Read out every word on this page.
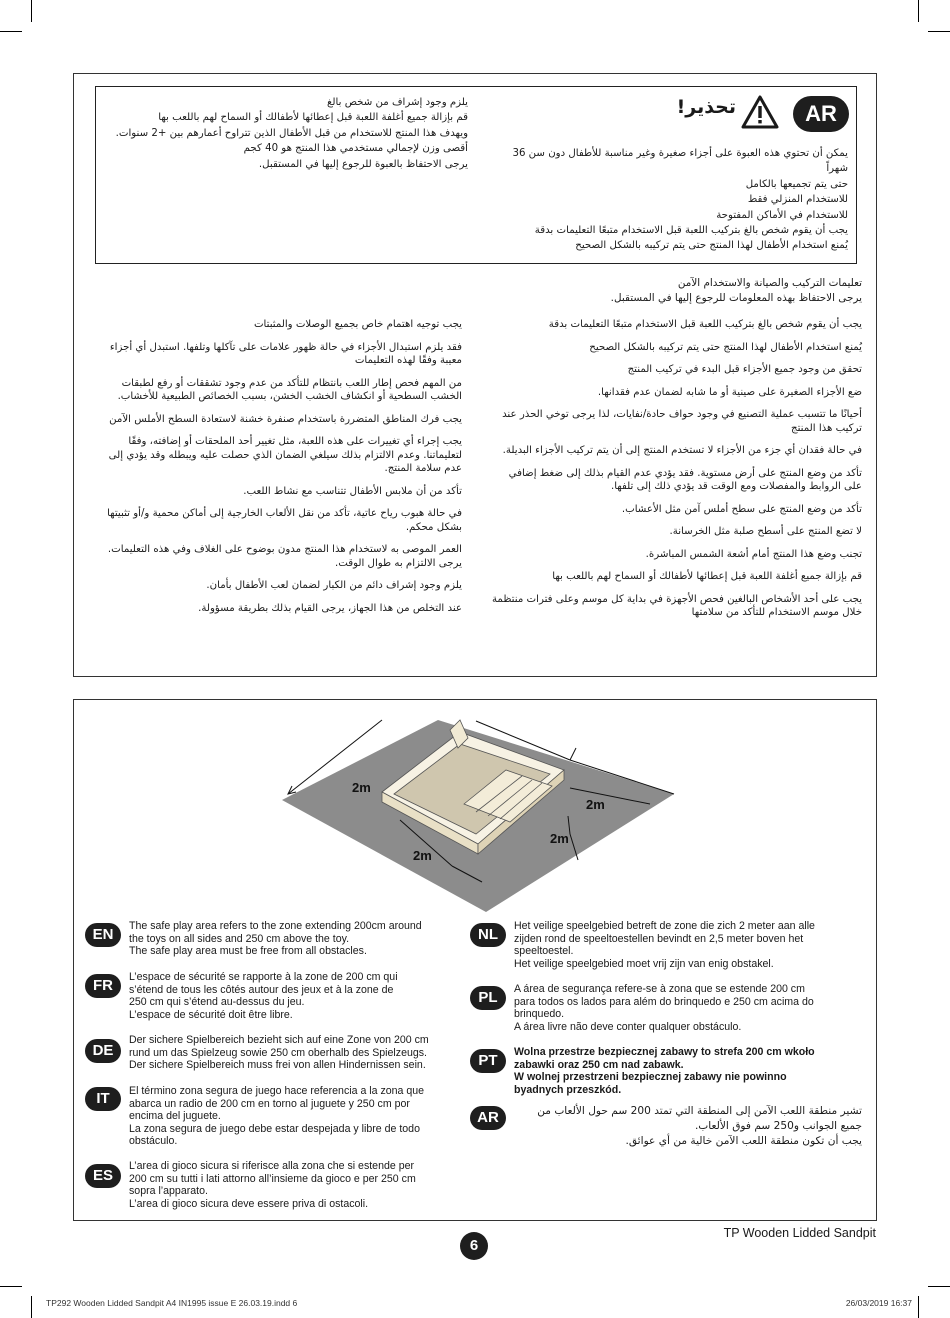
AR
تحذير!

يمكن أن تحتوي هذه العبوة على أجزاء صغيرة وغير مناسبة للأطفال دون سن 36 شهراً

حتى يتم تجميعها بالكامل

للاستخدام المنزلي فقط

للاستخدام في الأماكن المفتوحة

يجب أن يقوم شخص بالغ بتركيب اللعبة قبل الاستخدام متبعًا التعليمات بدقة

يُمنع استخدام الأطفال لهذا المنتج حتى يتم تركيبه بالشكل الصحيح

يلزم وجود إشراف من شخص بالغ

قم بإزالة جميع أغلفة اللعبة قبل إعطائها لأطفالك أو السماح لهم باللعب بها

ويهدف هذا المنتج للاستخدام من قبل الأطفال الذين تتراوح أعمارهم بين +2 سنوات.

أقصى وزن لإجمالي مستخدمي هذا المنتج هو 40 كجم

يرجى الاحتفاظ بالعبوة للرجوع إليها في المستقبل.

تعليمات التركيب والصيانة والاستخدام الآمن

يرجى الاحتفاظ بهذه المعلومات للرجوع إليها في المستقبل.

يجب أن يقوم شخص بالغ بتركيب اللعبة قبل الاستخدام متبعًا التعليمات بدقة

يُمنع استخدام الأطفال لهذا المنتج حتى يتم تركيبه بالشكل الصحيح

تحقق من وجود جميع الأجزاء قبل البدء في تركيب المنتج

ضع الأجزاء الصغيرة على صينية أو ما شابه لضمان عدم فقدانها.

أحيانًا ما تتسبب عملية التصنيع في وجود حواف حادة/نفايات، لذا يرجى توخي الحذر عند تركيب هذا المنتج

في حالة فقدان أي جزء من الأجزاء لا تستخدم المنتج إلى أن يتم تركيب الأجزاء البديلة.

تأكد من وضع المنتج على أرض مستوية. فقد يؤدي عدم القيام بذلك إلى ضغط إضافي على الروابط والمفصلات ومع الوقت قد يؤدي ذلك إلى تلفها.

تأكد من وضع المنتج على سطح أملس آمن مثل الأعشاب.

لا تضع المنتج على أسطح صلبة مثل الخرسانة.

تجنب وضع هذا المنتج أمام أشعة الشمس المباشرة.

قم بإزالة جميع أغلفة اللعبة قبل إعطائها لأطفالك أو السماح لهم باللعب بها

يجب على أحد الأشخاص البالغين فحص الأجهزة في بداية كل موسم وعلى فترات منتظمة خلال موسم الاستخدام للتأكد من سلامتها

يجب توجيه اهتمام خاص بجميع الوصلات والمثبتات

فقد يلزم استبدال الأجزاء في حالة ظهور علامات على تآكلها وتلفها. استبدل أي أجزاء معيبة وفقًا لهذه التعليمات

من المهم فحص إطار اللعب بانتظام للتأكد من عدم وجود تشققات أو رفع لطبقات الخشب السطحية أو انكشاف الخشب الخشن، بسبب الخصائص الطبيعية للأخشاب.

يجب فرك المناطق المتضررة باستخدام صنفرة خشنة لاستعادة السطح الأملس الآمن

يجب إجراء أي تغييرات على هذه اللعبة، مثل تغيير أحد الملحقات أو إضافته، وفقًا لتعليماتنا. وعدم الالتزام بذلك سيلغي الضمان الذي حصلت عليه ويبطله وقد يؤدي إلى عدم سلامة المنتج.

تأكد من أن ملابس الأطفال تتناسب مع نشاط اللعب.

في حالة هبوب رياح عاتية، تأكد من نقل الألعاب الخارجية إلى أماكن محمية و/أو تثبيتها بشكل محكم.

العمر الموصى به لاستخدام هذا المنتج مدون بوضوح على الغلاف وفي هذه التعليمات. يرجى الالتزام به طوال الوقت.

يلزم وجود إشراف دائم من الكبار لضمان لعب الأطفال بأمان.

عند التخلص من هذا الجهاز، يرجى القيام بذلك بطريقة مسؤولة.

2m
2m
2m
2m
EN	The safe play area refers to the zone extending 200cm around

the toys on all sides and 250 cm above the toy.

The safe play area must be free from all obstacles.

FR	L’espace de sécurité se rapporte à la zone de 200 cm qui

s’étend de tous les côtés autour des jeux et à la zone de

250 cm qui s’étend au-dessus du jeu.

L’espace de sécurité doit être libre.

DE

Der sichere Spielbereich bezieht sich auf eine Zone von 200 cm

rund um das Spielzeug sowie 250 cm oberhalb des Spielzeugs.

Der sichere Spielbereich muss frei von allen Hindernissen sein.

IT	El término zona segura de juego hace referencia a la zona que

abarca un radio de 200 cm en torno al juguete y 250 cm por

encima del juguete.

La zona segura de juego debe estar despejada y libre de todo

obstáculo.

ES

L’area di gioco sicura si riferisce alla zona che si estende per

200 cm su tutti i lati attorno all’insieme da gioco e per 250 cm

sopra l’apparato.

L’area di gioco sicura deve essere priva di ostacoli.

NL	Het veilige speelgebied betreft de zone die zich 2 meter aan alle

zijden rond de speeltoestellen bevindt en 2,5 meter boven het

speeltoestel.

Het veilige speelgebied moet vrij zijn van enig obstakel.

PL	A área de segurança refere-se à zona que se estende 200 cm

para todos os lados para além do brinquedo e 250 cm acima do

brinquedo.

A área livre não deve conter qualquer obstáculo.

PT	Wolna przestrze bezpiecznej zabawy to strefa 200 cm wkoło

zabawki oraz 250 cm nad zabawk.

W wolnej przestrzeni bezpiecznej zabawy nie powinno

byadnych przeszkód.

AR	تشير منطقة اللعب الآمن إلى المنطقة التي تمتد 200 سم حول الألعاب من

جميع الجوانب و250 سم فوق الألعاب.

يجب أن تكون منطقة اللعب الآمن خالية من أي عوائق.

TP Wooden Lidded Sandpit
6
TP292 Wooden Lidded Sandpit A4 IN1995 issue E 26.03.19.indd 6	26/03/2019 16:37
